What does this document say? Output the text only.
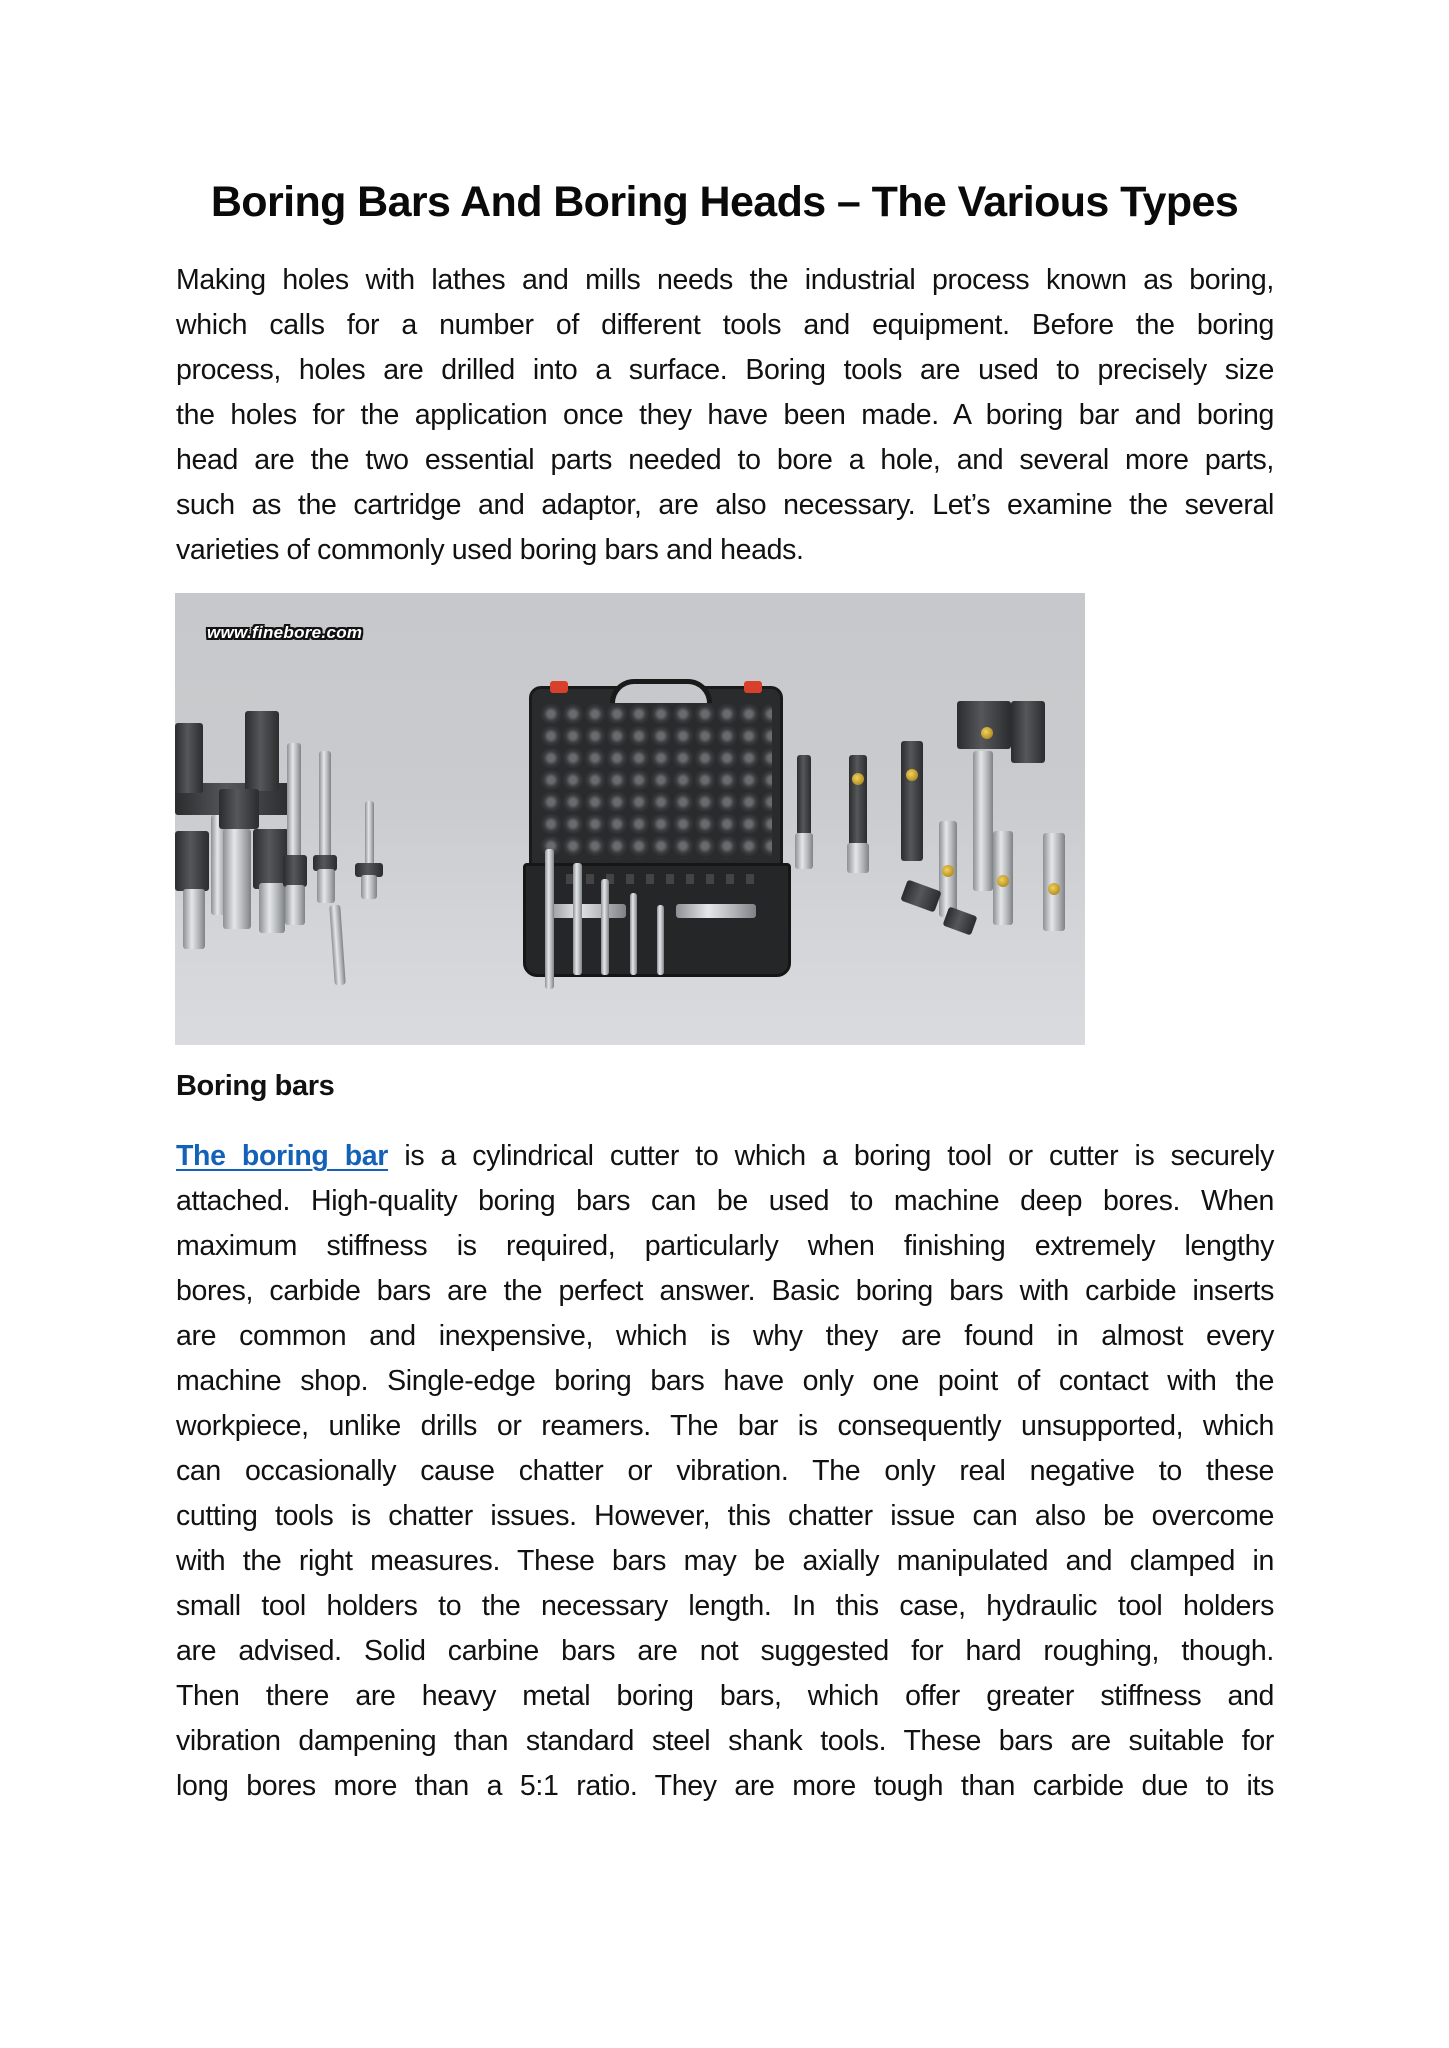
Boring Bars And Boring Heads – The Various Types
Making holes with lathes and mills needs the industrial process known as boring,
which calls for a number of different tools and equipment. Before the boring
process, holes are drilled into a surface. Boring tools are used to precisely size
the holes for the application once they have been made. A boring bar and boring
head are the two essential parts needed to bore a hole, and several more parts,
such as the cartridge and adaptor, are also necessary. Let’s examine the several
varieties of commonly used boring bars and heads.
www.finebore.com
Boring bars
The boring bar is a cylindrical cutter to which a boring tool or cutter is securely
attached. High-quality boring bars can be used to machine deep bores. When
maximum stiffness is required, particularly when finishing extremely lengthy
bores, carbide bars are the perfect answer. Basic boring bars with carbide inserts
are common and inexpensive, which is why they are found in almost every
machine shop. Single-edge boring bars have only one point of contact with the
workpiece, unlike drills or reamers. The bar is consequently unsupported, which
can occasionally cause chatter or vibration. The only real negative to these
cutting tools is chatter issues. However, this chatter issue can also be overcome
with the right measures. These bars may be axially manipulated and clamped in
small tool holders to the necessary length. In this case, hydraulic tool holders
are advised. Solid carbine bars are not suggested for hard roughing, though.
Then there are heavy metal boring bars, which offer greater stiffness and
vibration dampening than standard steel shank tools. These bars are suitable for
long bores more than a 5:1 ratio. They are more tough than carbide due to its
